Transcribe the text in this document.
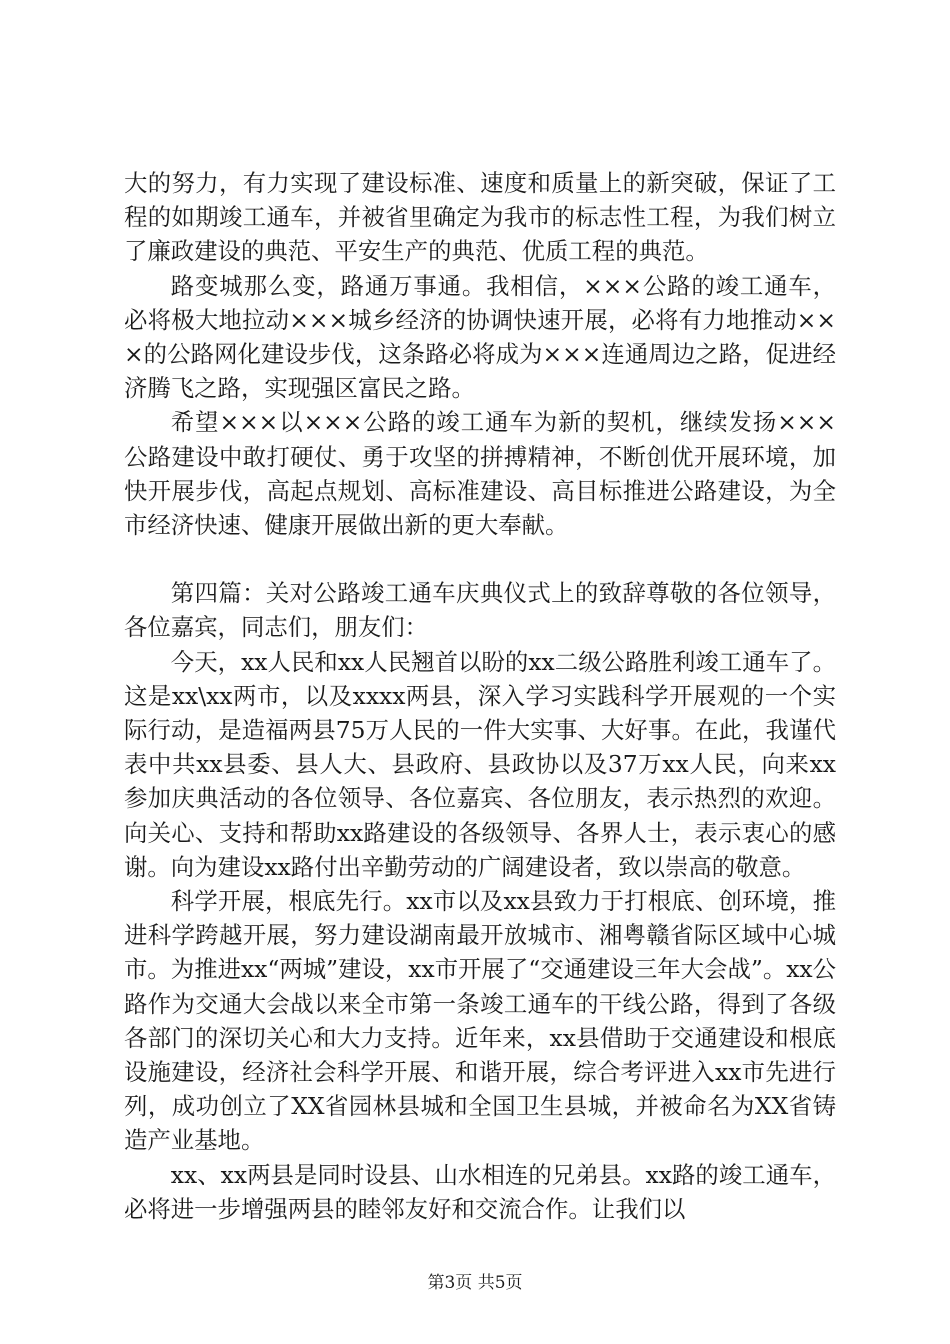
大的努力，有力实现了建设标准、速度和质量上的新突破，保证了工程的如期竣工通车，并被省里确定为我市的标志性工程，为我们树立了廉政建设的典范、平安生产的典范、优质工程的典范。

路变城那么变，路通万事通。我相信，×××公路的竣工通车，必将极大地拉动×××城乡经济的协调快速开展，必将有力地推动×××的公路网化建设步伐，这条路必将成为×××连通周边之路，促进经济腾飞之路，实现强区富民之路。

希望×××以×××公路的竣工通车为新的契机，继续发扬×××公路建设中敢打硬仗、勇于攻坚的拼搏精神，不断创优开展环境，加快开展步伐，高起点规划、高标准建设、高目标推进公路建设，为全市经济快速、健康开展做出新的更大奉献。

第四篇：关对公路竣工通车庆典仪式上的致辞尊敬的各位领导，各位嘉宾，同志们，朋友们：

今天，xx人民和xx人民翘首以盼的xx二级公路胜利竣工通车了。这是xx\xx两市，以及xxxx两县，深入学习实践科学开展观的一个实际行动，是造福两县75万人民的一件大实事、大好事。在此，我谨代表中共xx县委、县人大、县政府、县政协以及37万xx人民，向来xx参加庆典活动的各位领导、各位嘉宾、各位朋友，表示热烈的欢迎。向关心、支持和帮助xx路建设的各级领导、各界人士，表示衷心的感谢。向为建设xx路付出辛勤劳动的广阔建设者，致以崇高的敬意。

科学开展，根底先行。xx市以及xx县致力于打根底、创环境，推进科学跨越开展，努力建设湖南最开放城市、湘粤赣省际区域中心城市。为推进xx“两城”建设，xx市开展了“交通建设三年大会战”。xx公路作为交通大会战以来全市第一条竣工通车的干线公路，得到了各级各部门的深切关心和大力支持。近年来，xx县借助于交通建设和根底设施建设，经济社会科学开展、和谐开展，综合考评进入xx市先进行列，成功创立了XX省园林县城和全国卫生县城，并被命名为XX省铸造产业基地。

xx、xx两县是同时设县、山水相连的兄弟县。xx路的竣工通车，必将进一步增强两县的睦邻友好和交流合作。让我们以

第3页 共5页
